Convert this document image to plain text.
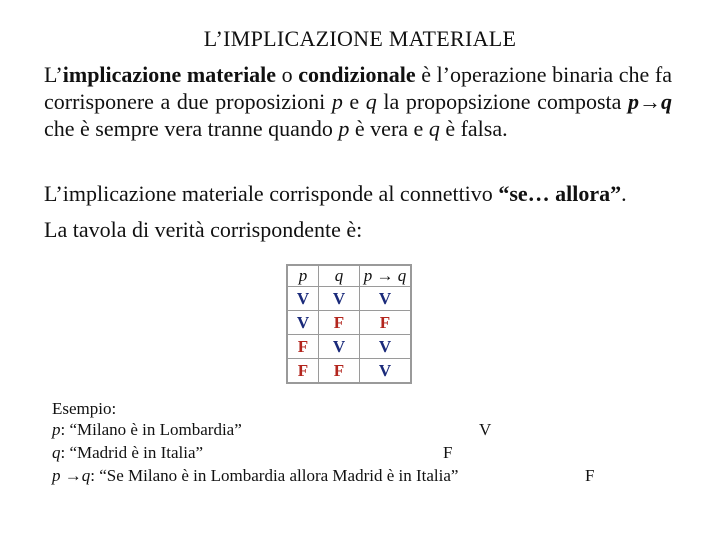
L’IMPLICAZIONE MATERIALE
L’implicazione materiale o condizionale è l’operazione binaria che fa corrisponere a due proposizioni p e q la propopsizione composta p→q che è sempre vera tranne quando p è vera e q è falsa.
L’implicazione materiale corrisponde al connettivo “se… allora”.
La tavola di verità corrispondente è:
p	q	p → q
V	V	V
V	F	F
F	V	V
F	F	V
Esempio:
p: “Milano è in Lombardia”	V
q: “Madrid è in Italia”	F
p →q: “Se Milano è in Lombardia allora Madrid è in Italia”	F
